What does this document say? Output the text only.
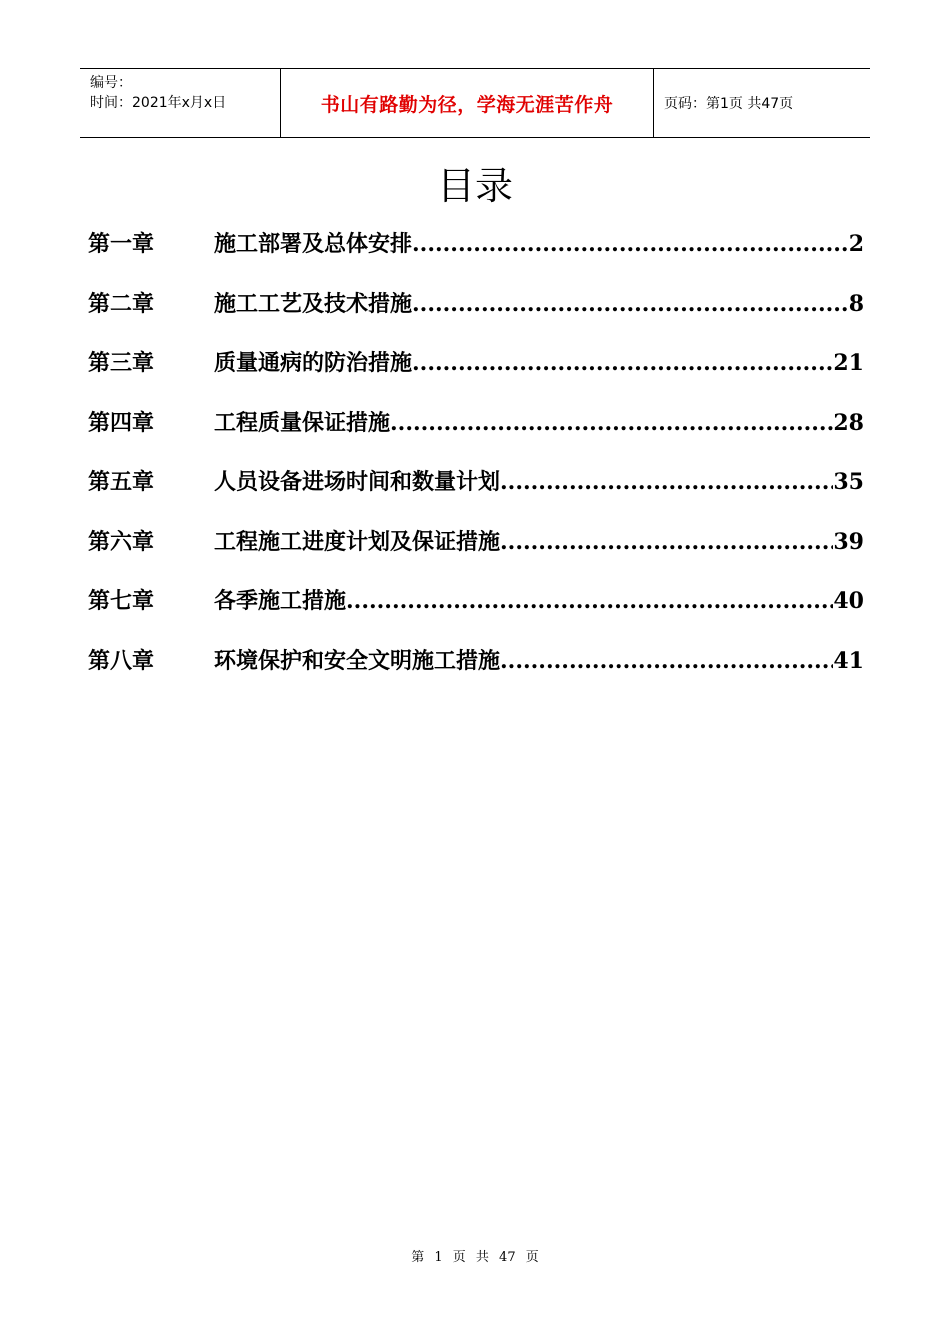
编号：
时间：2021年x月x日	书山有路勤为径，学海无涯苦作舟	页码：第1页 共47页
目录
第一章	施工部署及总体安排 .....	2
第二章	施工工艺及技术措施 .....	8
第三章	质量通病的防治措施 .....	21
第四章	工程质量保证措施 .....	28
第五章	人员设备进场时间和数量计划 .....	35
第六章	工程施工进度计划及保证措施 .....	39
第七章	各季施工措施 .....	40
第八章	环境保护和安全文明施工措施 .....	41
第 1 页 共 47 页
